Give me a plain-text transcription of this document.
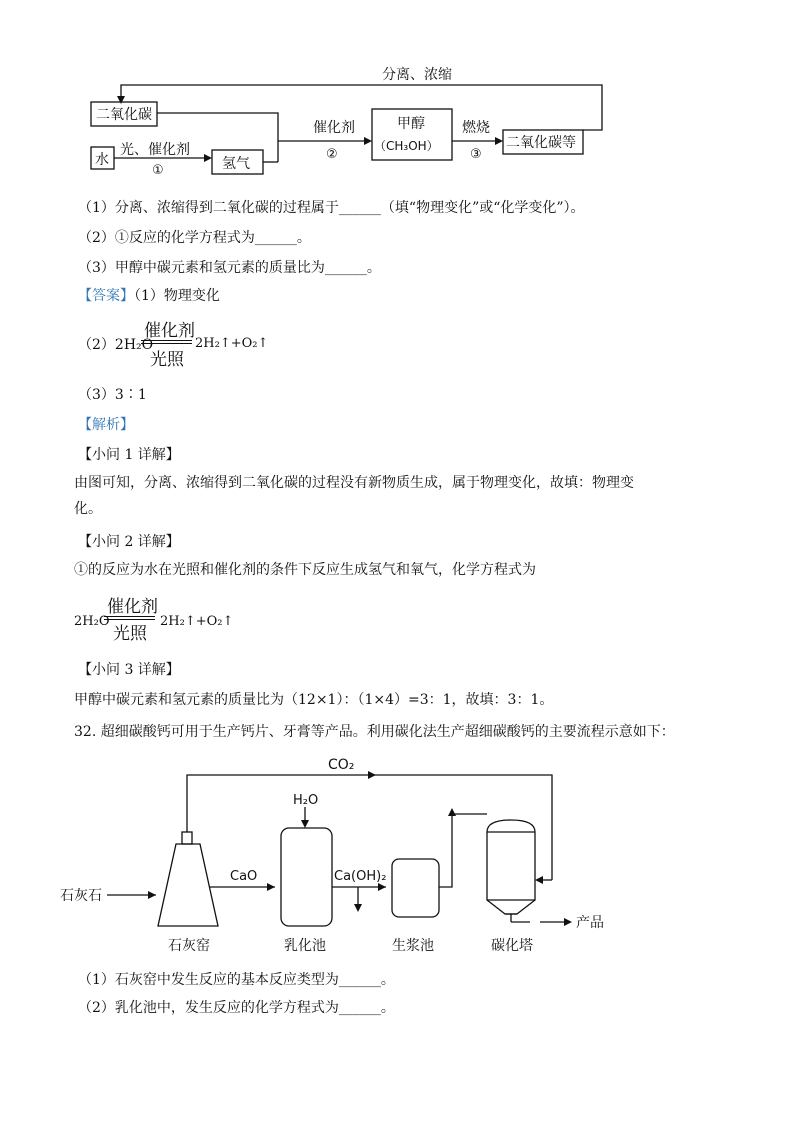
分离、浓缩
二氧化碳
水
光、催化剂
①	氢气
催化剂
②
甲醇
（CH₃OH）
燃烧
③
二氧化碳等
（1）分离、浓缩得到二氧化碳的过程属于______（填“物理变化”或“化学变化”）。
（2）①反应的化学方程式为______。
（3）甲醇中碳元素和氢元素的质量比为______。
【答案】（1）物理变化
（2）2H₂O
催化剂
光照
2H₂↑+O₂↑
（3）3∶1
【解析】
【小问 1 详解】
由图可知，分离、浓缩得到二氧化碳的过程没有新物质生成，属于物理变化，故填：物理变化。
【小问 2 详解】
①的反应为水在光照和催化剂的条件下反应生成氢气和氧气，化学方程式为
2H₂O
催化剂
光照
2H₂↑+O₂↑
【小问 3 详解】
甲醇中碳元素和氢元素的质量比为（12×1）：（1×4）=3：1，故填：3：1。
32. 超细碳酸钙可用于生产钙片、牙膏等产品。利用碳化法生产超细碳酸钙的主要流程示意如下：
CO₂
H₂O
石灰石
CaO	Ca(OH)₂
石灰窑	乳化池	生浆池	碳化塔
产品
（1）石灰窑中发生反应的基本反应类型为______。
（2）乳化池中，发生反应的化学方程式为______。
